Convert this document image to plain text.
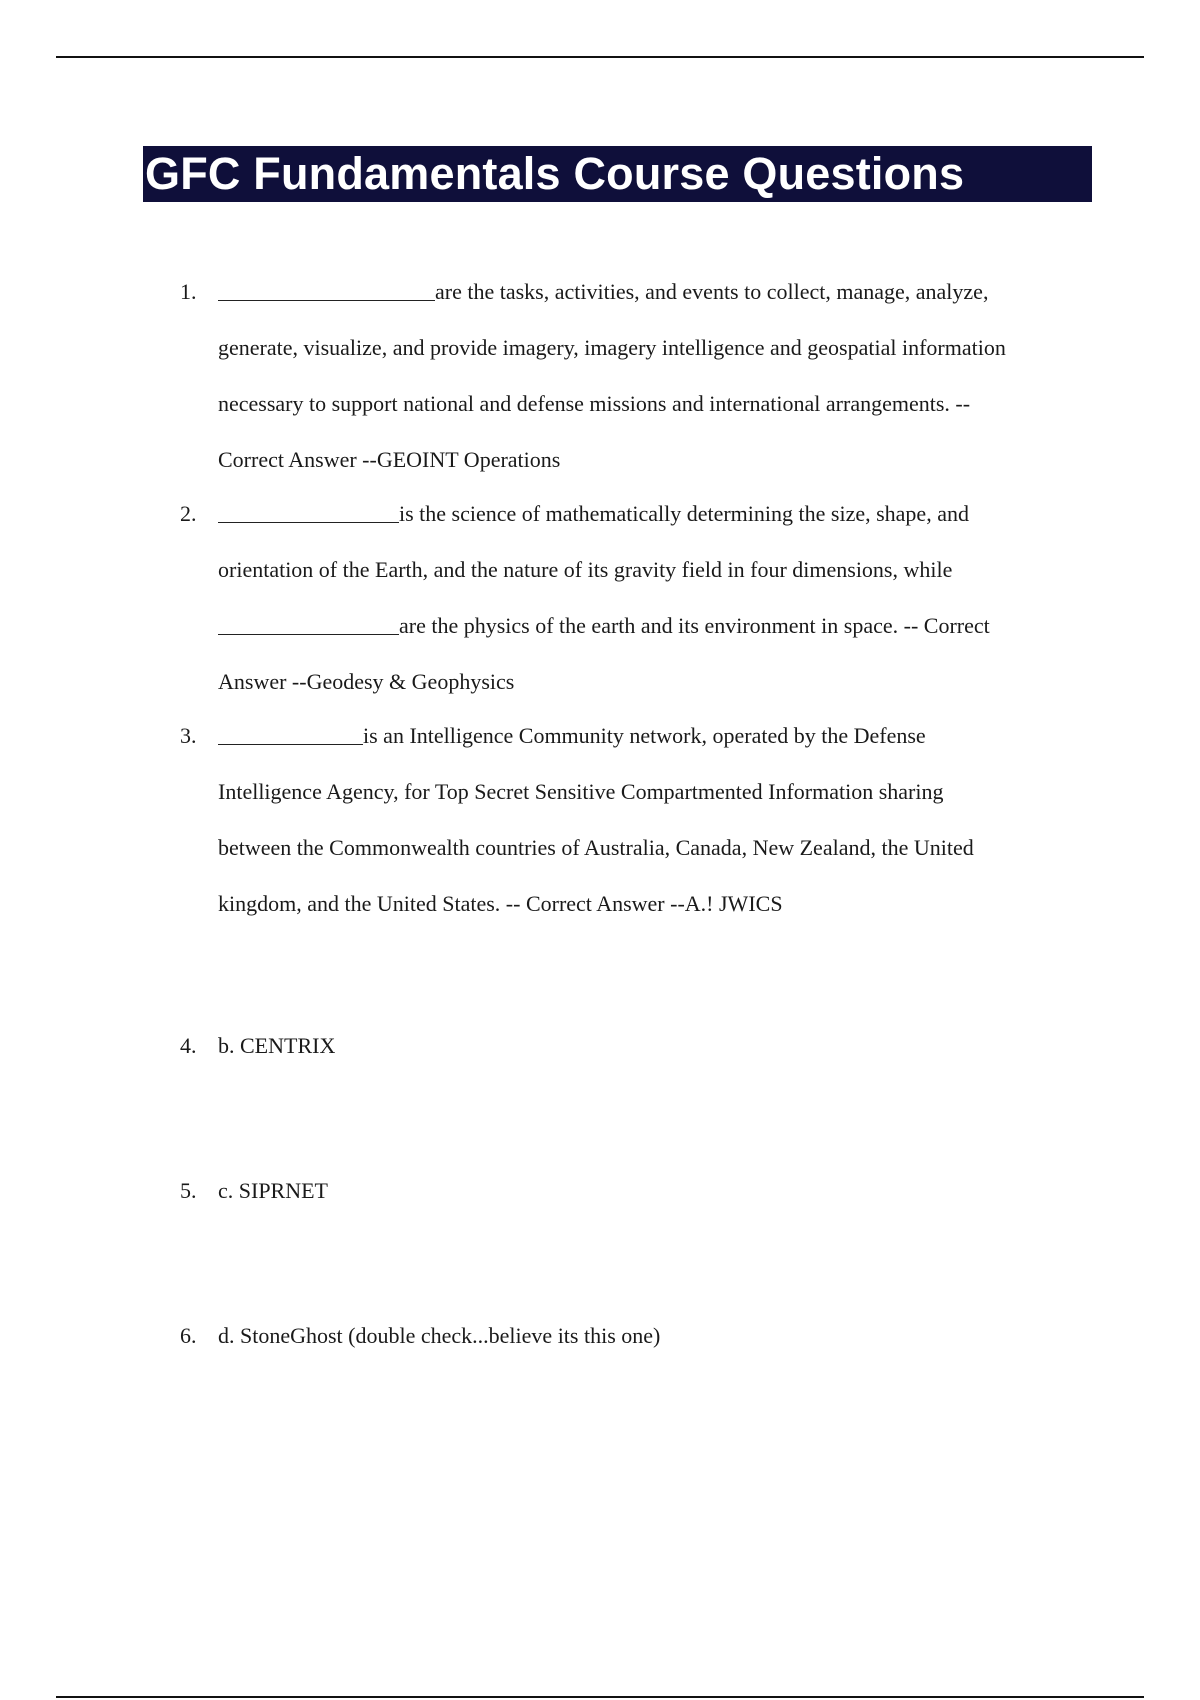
GFC Fundamentals Course Questions
1.	are the tasks, activities, and events to collect, manage, analyze,
generate, visualize, and provide imagery, imagery intelligence and geospatial information
necessary to support national and defense missions and international arrangements. --
Correct Answer --GEOINT Operations
2.	is the science of mathematically determining the size, shape, and
orientation of the Earth, and the nature of its gravity field in four dimensions, while
are the physics of the earth and its environment in space. -- Correct
Answer --Geodesy & Geophysics
3.	is an Intelligence Community network, operated by the Defense
Intelligence Agency, for Top Secret Sensitive Compartmented Information sharing
between the Commonwealth countries of Australia, Canada, New Zealand, the United
kingdom, and the United States. -- Correct Answer --A.! JWICS
4. b. CENTRIX
5. c. SIPRNET
6. d. StoneGhost (double check...believe its this one)
